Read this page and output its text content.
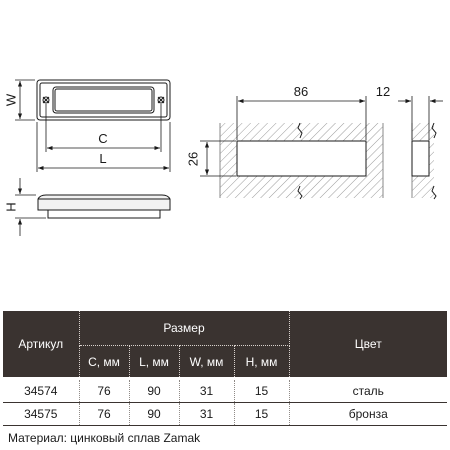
W
C
L
H
86
26
12
Артикул	Размер				Цвет
	C, мм	L, мм	W, мм	H, мм	

34574	76	90	31	15	сталь
34575	76	90	31	15	бронза
Материал: цинковый сплав Zamak
